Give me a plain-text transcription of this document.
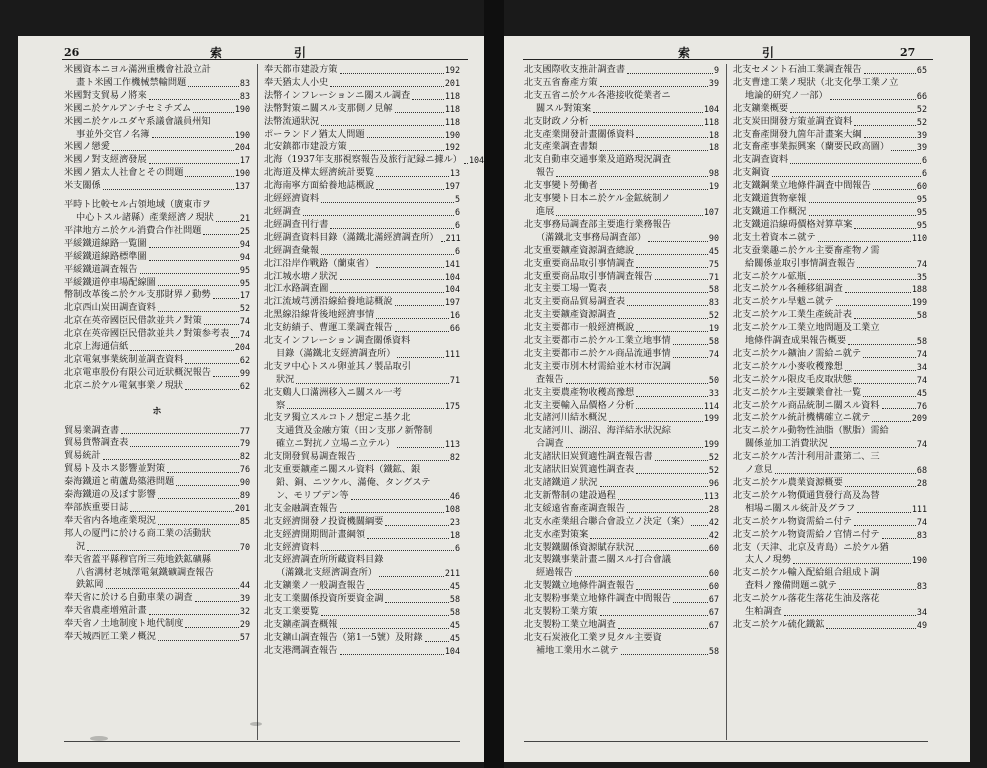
26	索　引	27
索　引
米國資本ニヨル滿洲重機會社設立計
畫ト米國工作機械禁輸問題	83
米國對支貿易ノ將來	83
米國ニ於ケルアンチセミチズム	190
米國ニ於ケルユダヤ系議會議員州知
事並外交官ノ名簿	190
米國ノ戀愛	204
米國ノ對支經濟發展	17
米國ノ猶太人社會とその問題	190
米支關係	137
平時ト比較セル占領地域（廣東市ヲ
中心トスル諸縣）產業經濟ノ現狀	21
平津地方ニ於ケル消費合作社問題	25
平綏鐵道線路一覧圖	94
平綏鐵道線路標準圖	94
平綏鐵道調査報告	95
平綏鐵道停車場配線圖	95
幣制改革後ニ於ケル支那財界ノ動勢	17
北京西山炭田調査資料	52
北京在英帝國臣民借款並共ノ對策	74
北京在英帝國臣民借款並共ノ對策参考表 74
北京上海通信紙	204
北京電氣事業統制並調査資料	62
北京電車股份有限公司近狀概況報告	99
北京ニ於ケル電氣事業ノ現狀	62
ホ
貿易業調査書	77
貿易貨幣調査表	79
貿易統計	82
貿易ト及ホス影響並對策	76
泰海鐵道と萌蘆島築港問題	90
泰海鐵道の及ぼす影響	89
奉部族重要日誌	201
奉天省内各地產業現況	85
邦人の厦門に於ける商工業の活動狀
況	70
奉天省蓋平縣穆官所三苑地鉄鉱礦縣
八省溝材老城澤電氣鐵礦調査報告
鉄鉱岡	44
奉天省に於ける自動車業の調査	39
奉天省農產增殖計畫	32
奉天省ノ土地制度ト地代制度	29
奉天城西匠工業ノ概況	57
奉天都市建設方策	192
奉天猶太人小史	201
法幣インフレーションニ關スル調査	118
法幣對策ニ關スル支那側ノ見解	118
法幣流通狀況	118
ポーランドノ猶太人問題	190
北安鎮都市建設方策	192
北海（1937年支那視察報告及旅行記録ニ據ル） 104
北海道及樺太經濟統計要覧	13
北海南寧方面給養地誌概說	197
北經經濟資料	5
北經調査	6
北經調査刊行書	6
北經調査資料目錄（滿鐵北滿經濟調査所） 211
北經調査彙報	6
北江沿岸作戰路（蘭東省）	141
北江城水塘ノ狀況	104
北江水路調査圖	104
北江流域芎湧沿線給養地誌概說	197
北黑線沿線背後地經濟事情	16
北支紡績子、曹運工業調査報告	66
北支インフレーション調査關係資料
目錄（滿鐵北支經濟調査所）	111
北支ヲ中心トスル卵並其ノ製品取引
狀況	71
北支鷄人口滿洲移入ニ關スル一考
察	175
北支ヲ獨立スルコトノ想定ニ基ク北
支通貨及金融方策（田ン支那ノ新幣制
確立ニ對抗ノ立場ニ立テル）	113
北支開發貿易調査報告	82
北支重要鑛產ニ關スル資料（鐵鉱、銀
鉛、銅、ニツケル、滿俺、タングステ
ン、モリブデン等	46
北支金融調査報告	108
北支經濟開發ノ投資機關綱要	23
北支經濟開期間計畫綱領	18
北支經濟資料	6
北支經濟調査所所藏資料目錄
（滿鐵北支經濟調査所）	211
北支鑛業ノ一般調査報告	45
北支工業關係投資所要資金調	58
北支工業要覧	58
北支鑛產調査概報	45
北支鑛山調査報告（第1一5號）及附錄	45
北支港灣調査報告	104
北支國際收支推計調査書	9
北支五省畜產方策	39
北支五省ニ於ケル各港接收從業者ニ
關スル對策案	104
北支財政ノ分析	118
北支產業開發計畫關係資料	18
北支產業調査書類	18
北支自動車交通事業及道路現況調査
報告	98
北支事變ト勞働者	19
北支事變ト日本ニ於ケル金鉱統制ノ
進展	107
北支事務局調査部主要進行業務報告
（滿鐵北支事務局調査部）	90
北支重要鑛產資源調査總說	45
北支重要商品取引事情調査	75
北支重要商品取引事情調査報告	71
北支主要工場一覧表	58
北支主要商品貿易調査表	83
北支主要鑛產資源調査	52
北支主要都市一般經濟概說	19
北支主要都市ニ於ケル工業立地事情	58
北支主要都市ニ於ケル商品流通事情	74
北支主要市別木材需給並木材市況調
査報告	50
北支主要農產物收穫高豫想	33
北支主要輸入品價格ノ分析	114
北支諸河川結氷概況	199
北支諸河川、湖沼、海洋結氷狀況綜
合調査	199
北支諸狀旧炭貿適性調査報告書	52
北支諸狀旧炭質適性調査表	52
北支諸鐵道ノ狀況	96
北支新幣制の建設過程	113
北支綏遠省畜產調査報告	28
北支水產業組合聯合會設立ノ決定（案） 42
北支水產對策案	42
北支製鐵關係資源賦存狀況	60
北支製鐵事業計畫ニ關スル打合會議
經過報告	60
北支製鐵立地條件調査報告	60
北支製粉事業立地條件調査中間報告	67
北支製粉工業方策	67
北支製粉工業立地調査	67
北支石炭液化工業ヲ見タル主要資
補地工業用水ニ就テ	58
北支セメント石油工業調査報告	65
北支曹達工業ノ現狀（北支化學工業ノ立
地論的研究ノ一部）	66
北支鑛業概要	52
北支炭田開發方策並調査資料	52
北支畜產開發九箇年計畫案大綱	39
北支畜產事業振興案（蘭要民政高圖）	39
北支調査資料	6
北支鋼資	6
北支鐵鋼業立地條件調査中間報告	60
北支鐵道貨物豪報	95
北支鐵道工作概況	95
北支鐵道沿線碍價格対算草案	95
北支土着資本ニ就テ	110
北支蚕業趣ニ於ケル主要畜產物ノ需
給關係並取引事情調査報告	74
北支ニ於ケル砿瓶	35
北支ニ於ケル各種移組調査	188
北支ニ於ケル旱魃ニ就テ	199
北支ニ於ケル工業生產統計表	58
北支ニ於ケル工業立地問題及工業立
地條件調査成果報告概要	58
北支ニ於ケル鑛油ノ需給ニ就テ	74
北支ニ於ケル小麥收穫豫想	34
北支ニ於ケル限皮毛皮取狀態	74
北支ニ於ケル主要鑛業會社一覧	45
北支ニ於ケル商品統制ニ關スル資料	76
北支ニ於ケル統計機構確立ニ就テ	209
北支ニ於ケル動物性油脂（獸脂）需給
關係並加工消費狀況	74
北支ニ於ケル苦汁利用計畫第二、三
ノ意見	68
北支ニ於ケル農業資源概要	28
北支ニ於ケル物價通貨發行高及為替
相場ニ關スル統計及グラフ	111
北支ニ於ケル物資需給ニ付テ	74
北支ニ於ケル物資需給ノ官情ニ付テ	83
北支（天津、北京及青島）ニ於ケル猶
太人ノ現勢	190
北支ニ於ケル輸入配給組合組成ト調
査料ノ豫備問題ニ就テ	83
北支ニ於ケル落花生落花生油及落花
生粕調査	34
北支ニ於ケル硫化鐵鉱	49
